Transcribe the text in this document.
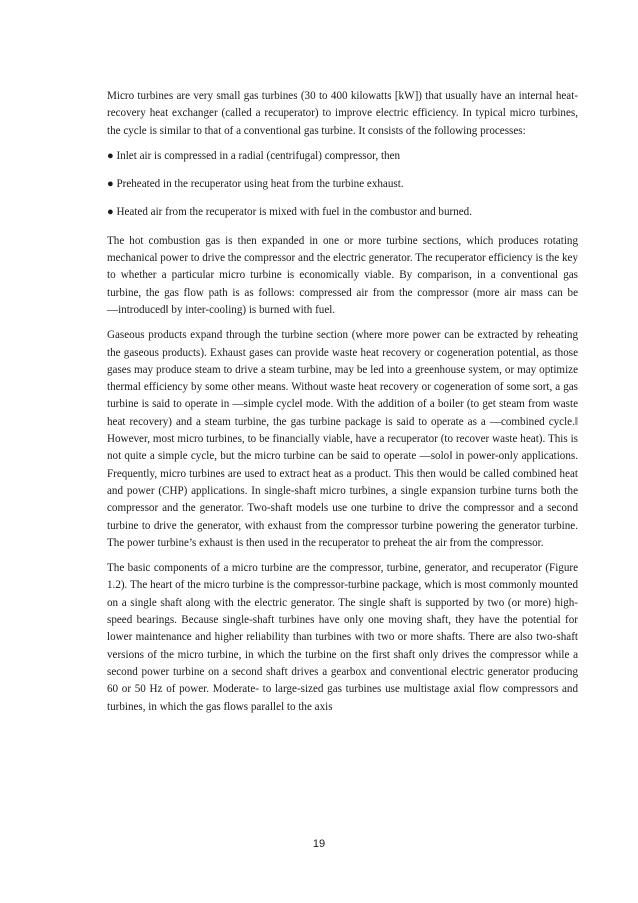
Micro turbines are very small gas turbines (30 to 400 kilowatts [kW]) that usually have an internal heat-recovery heat exchanger (called a recuperator) to improve electric efficiency. In typical micro turbines, the cycle is similar to that of a conventional gas turbine. It consists of the following processes:

● Inlet air is compressed in a radial (centrifugal) compressor, then

● Preheated in the recuperator using heat from the turbine exhaust.

● Heated air from the recuperator is mixed with fuel in the combustor and burned.

The hot combustion gas is then expanded in one or more turbine sections, which produces rotating mechanical power to drive the compressor and the electric generator. The recuperator efficiency is the key to whether a particular micro turbine is economically viable. By comparison, in a conventional gas turbine, the gas flow path is as follows: compressed air from the compressor (more air mass can be ―introduced‖ by inter-cooling) is burned with fuel.

Gaseous products expand through the turbine section (where more power can be extracted by reheating the gaseous products). Exhaust gases can provide waste heat recovery or cogeneration potential, as those gases may produce steam to drive a steam turbine, may be led into a greenhouse system, or may optimize thermal efficiency by some other means. Without waste heat recovery or cogeneration of some sort, a gas turbine is said to operate in ―simple cycle‖ mode. With the addition of a boiler (to get steam from waste heat recovery) and a steam turbine, the gas turbine package is said to operate as a ―combined cycle.‖ However, most micro turbines, to be financially viable, have a recuperator (to recover waste heat). This is not quite a simple cycle, but the micro turbine can be said to operate ―solo‖ in power-only applications. Frequently, micro turbines are used to extract heat as a product. This then would be called combined heat and power (CHP) applications. In single-shaft micro turbines, a single expansion turbine turns both the compressor and the generator. Two-shaft models use one turbine to drive the compressor and a second turbine to drive the generator, with exhaust from the compressor turbine powering the generator turbine. The power turbine’s exhaust is then used in the recuperator to preheat the air from the compressor.

The basic components of a micro turbine are the compressor, turbine, generator, and recuperator (Figure 1.2). The heart of the micro turbine is the compressor-turbine package, which is most commonly mounted on a single shaft along with the electric generator. The single shaft is supported by two (or more) high-speed bearings. Because single-shaft turbines have only one moving shaft, they have the potential for lower maintenance and higher reliability than turbines with two or more shafts. There are also two-shaft versions of the micro turbine, in which the turbine on the first shaft only drives the compressor while a second power turbine on a second shaft drives a gearbox and conventional electric generator producing 60 or 50 Hz of power. Moderate- to large-sized gas turbines use multistage axial flow compressors and turbines, in which the gas flows parallel to the axis

19
